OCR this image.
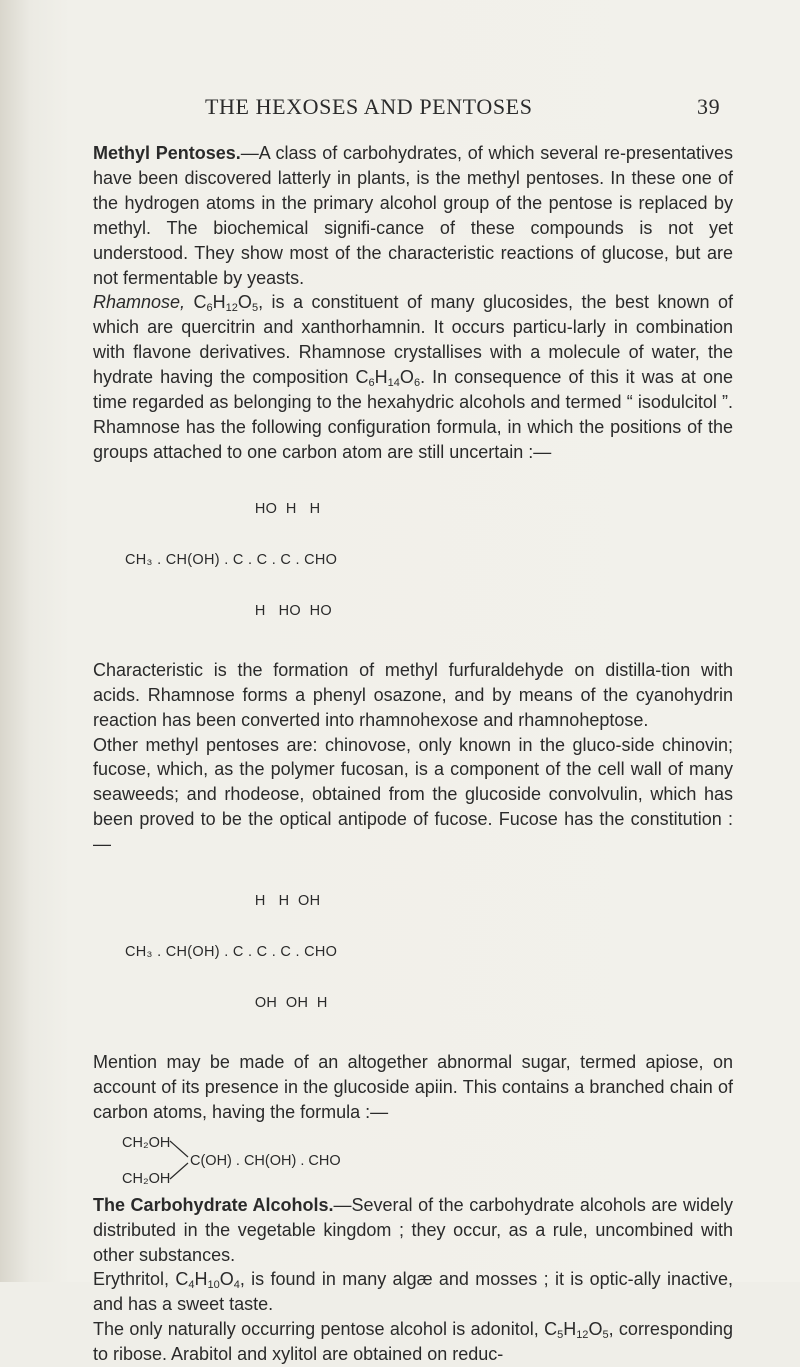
THE HEXOSES AND PENTOSES	39

Methyl Pentoses.—A class of carbohydrates, of which several re-presentatives have been discovered latterly in plants, is the methyl pentoses. In these one of the hydrogen atoms in the primary alcohol group of the pentose is replaced by methyl. The biochemical signifi-cance of these compounds is not yet understood. They show most of the characteristic reactions of glucose, but are not fermentable by yeasts.

Rhamnose, $C_6H_{12}O_5$, is a constituent of many glucosides, the best known of which are quercitrin and xanthorhamnin. It occurs particu-larly in combination with flavone derivatives. Rhamnose crystallises with a molecule of water, the hydrate having the composition $C_6H_{14}O_6$. In consequence of this it was at one time regarded as belonging to the hexahydric alcohols and termed “ isodulcitol ”. Rhamnose has the following configuration formula, in which the positions of the groups attached to one carbon atom are still uncertain :—

HO  H   H

CH₃ . CH(OH) . C . C . C . CHO

H   HO  HO

Characteristic is the formation of methyl furfuraldehyde on distilla-tion with acids. Rhamnose forms a phenyl osazone, and by means of the cyanohydrin reaction has been converted into rhamnohexose and rhamnoheptose.

Other methyl pentoses are: chinovose, only known in the gluco-side chinovin; fucose, which, as the polymer fucosan, is a component of the cell wall of many seaweeds; and rhodeose, obtained from the glucoside convolvulin, which has been proved to be the optical antipode of fucose. Fucose has the constitution :—

H   H  OH

CH₃ . CH(OH) . C . C . C . CHO

OH  OH  H

Mention may be made of an altogether abnormal sugar, termed apiose, on account of its presence in the glucoside apiin. This contains a branched chain of carbon atoms, having the formula :—

CH₂OH
CH₂OH
C(OH) . CH(OH) . CHO

The Carbohydrate Alcohols.—Several of the carbohydrate alcohols are widely distributed in the vegetable kingdom ; they occur, as a rule, uncombined with other substances.

Erythritol, $C_4H_{10}O_4$, is found in many algæ and mosses ; it is optic-ally inactive, and has a sweet taste.

The only naturally occurring pentose alcohol is adonitol, $C_5H_{12}O_5$, corresponding to ribose. Arabitol and xylitol are obtained on reduc-
